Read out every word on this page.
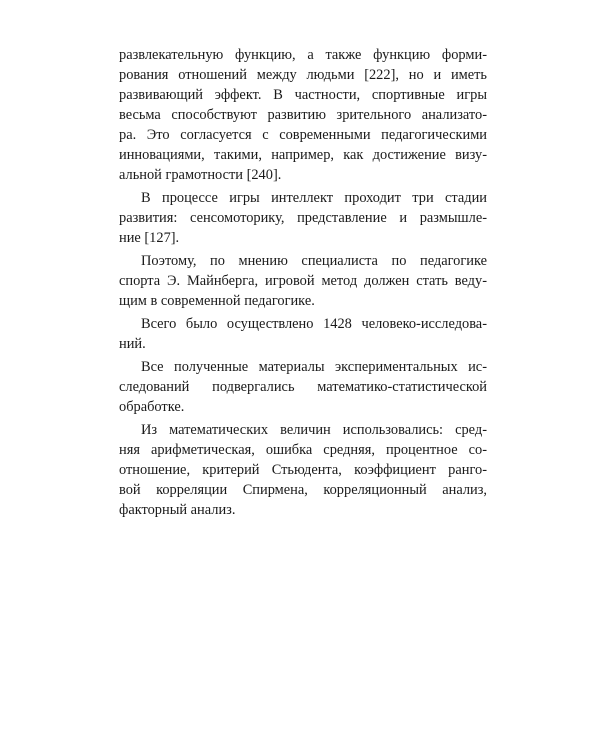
развлекательную функцию, а также функцию форми-
рования отношений между людьми [222], но и иметь
развивающий эффект. В частности, спортивные игры
весьма способствуют развитию зрительного анализато-
ра. Это согласуется с современными педагогическими
инновациями, такими, например, как достижение визу-
альной грамотности [240].

В процессе игры интеллект проходит три стадии
развития: сенсомоторику, представление и размышле-
ние [127].

Поэтому, по мнению специалиста по педагогике
спорта Э. Майнберга, игровой метод должен стать веду-
щим в современной педагогике.

Всего было осуществлено 1428 человеко-исследова-
ний.

Все полученные материалы экспериментальных ис-
следований подвергались математико-статистической
обработке.

Из математических величин использовались: сред-
няя арифметическая, ошибка средняя, процентное со-
отношение, критерий Стьюдента, коэффициент ранго-
вой корреляции Спирмена, корреляционный анализ,
факторный анализ.
